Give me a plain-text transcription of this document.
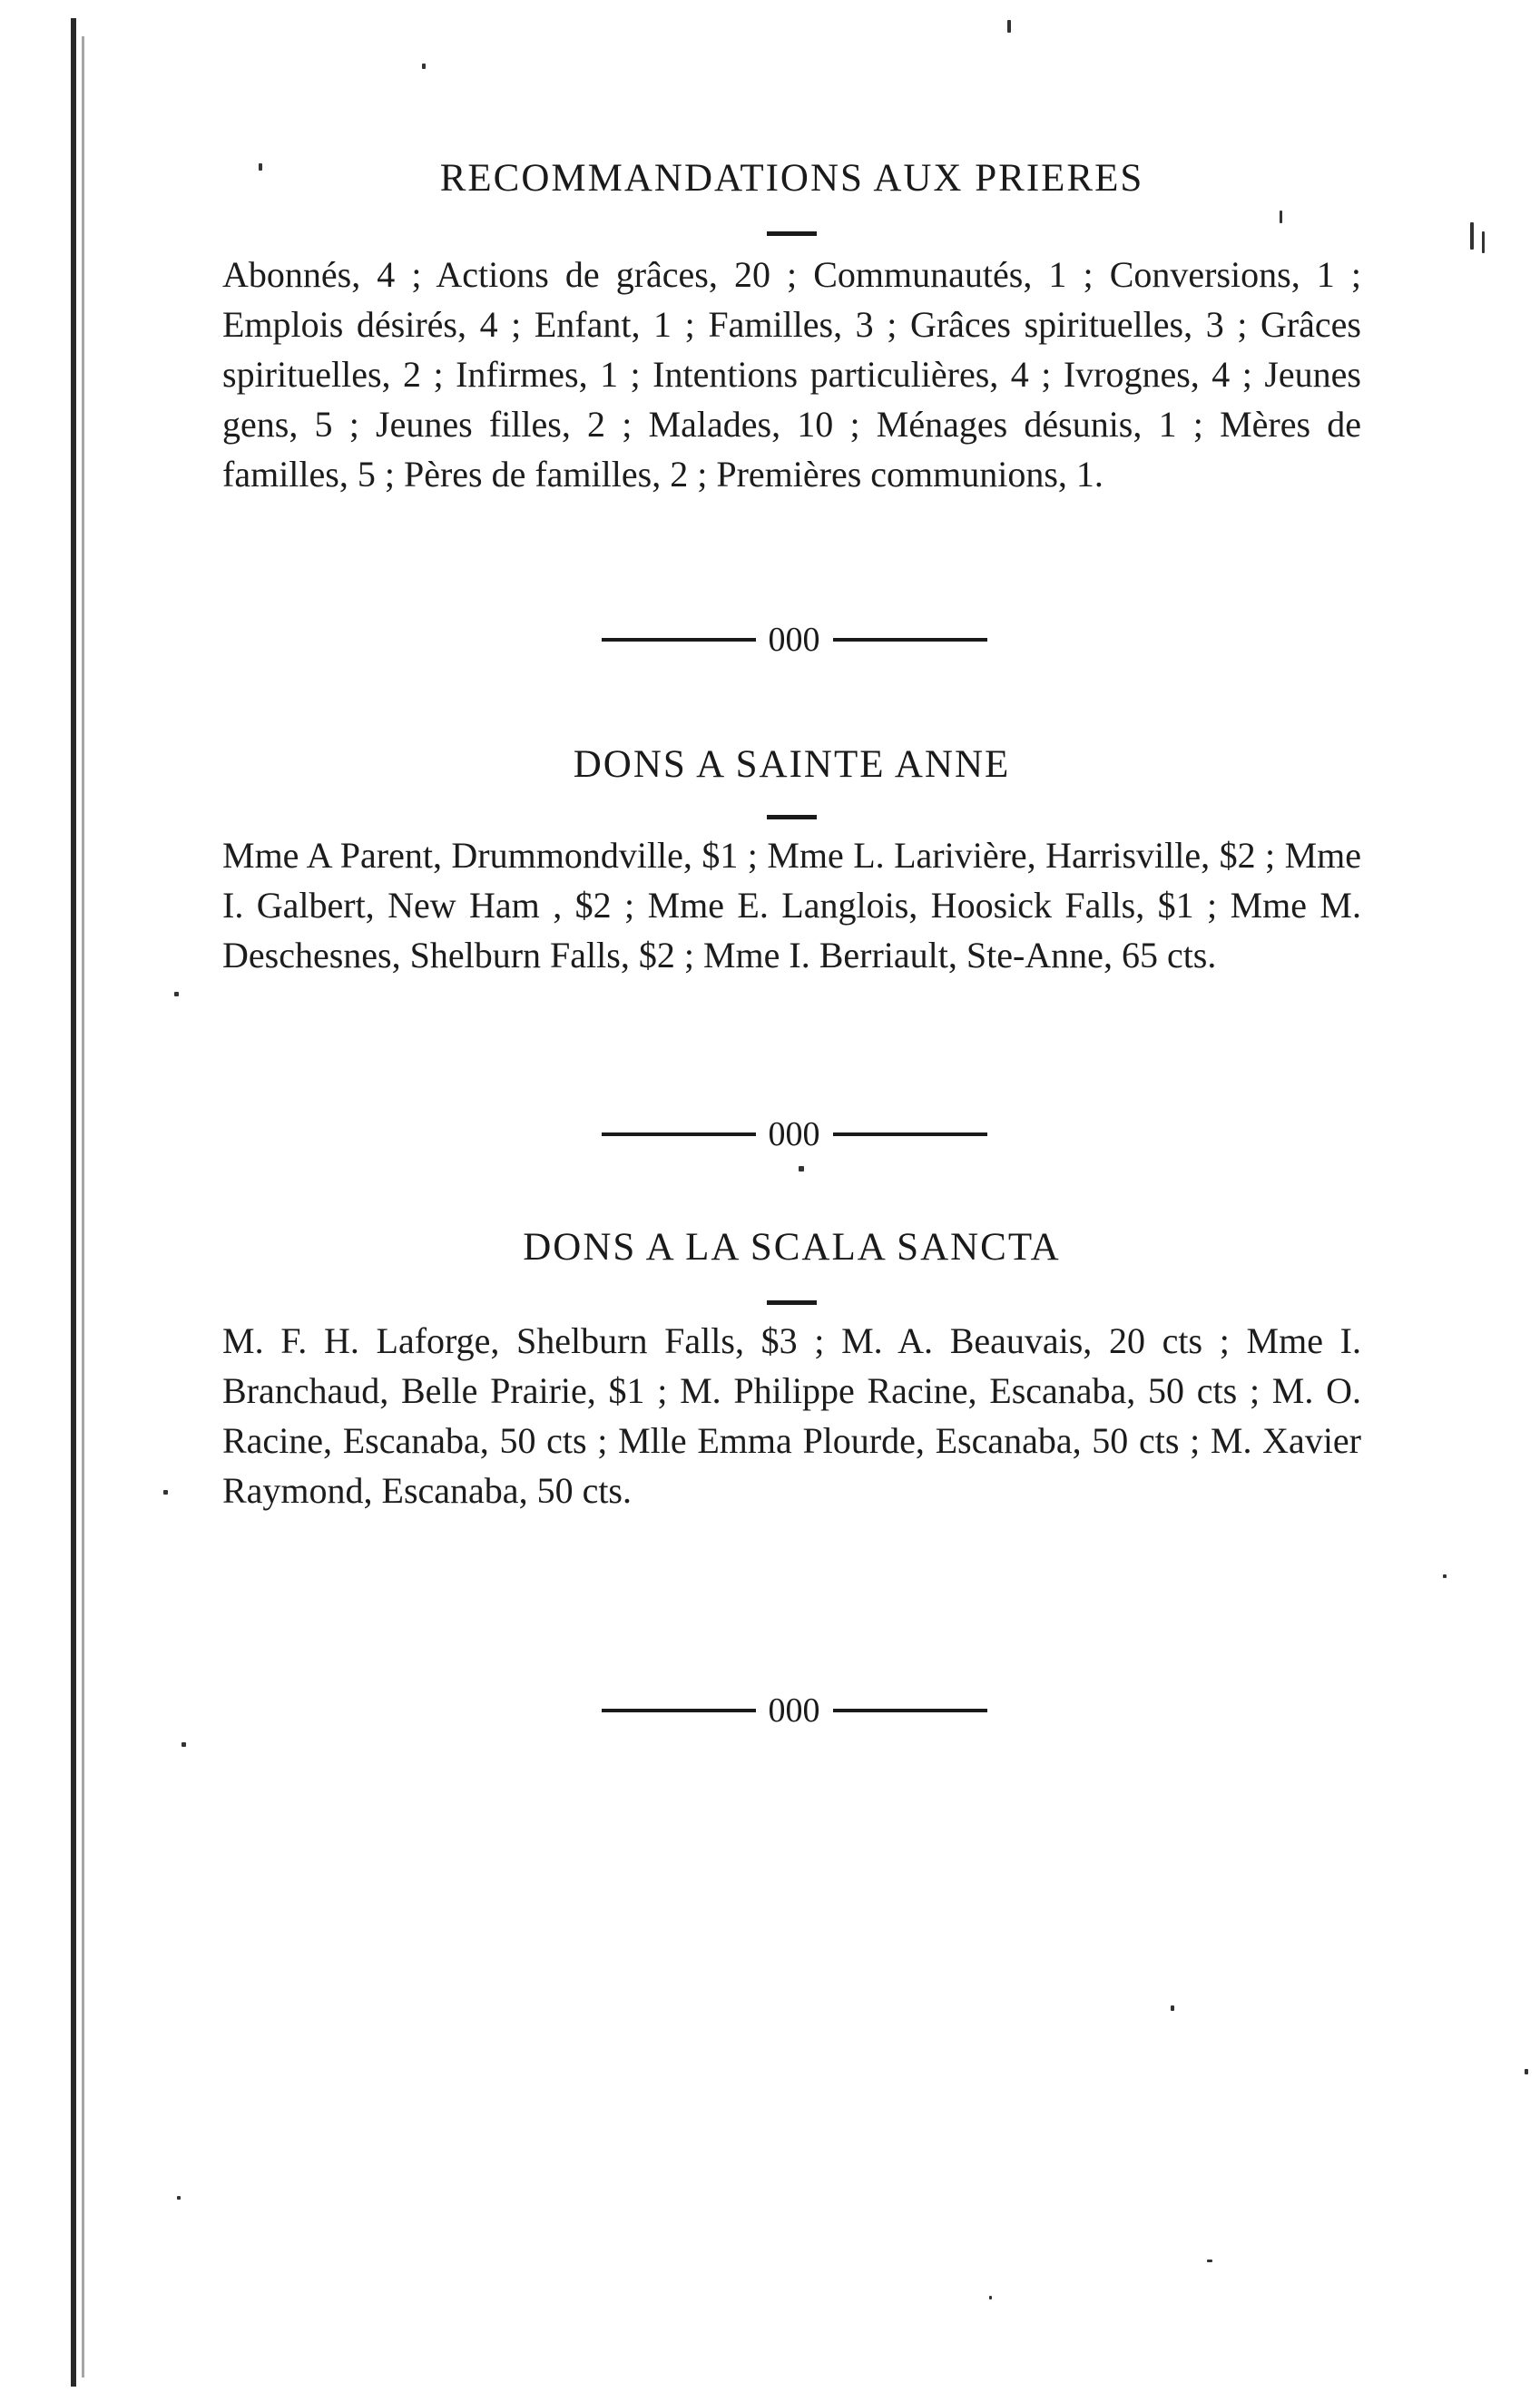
RECOMMANDATIONS AUX PRIERES
Abonnés, 4 ; Actions de grâces, 20 ; Communautés, 1 ; Conversions, 1 ; Emplois désirés, 4 ; Enfant, 1 ; Familles, 3 ; Grâces spirituelles, 3 ; Grâces spirituelles, 2 ; Infirmes, 1 ; Intentions particulières, 4 ; Ivrognes, 4 ; Jeunes gens, 5 ; Jeunes filles, 2 ; Malades, 10 ; Ménages désunis, 1 ; Mères de familles, 5 ; Pères de familles, 2 ; Premières communions, 1.
000
DONS A SAINTE ANNE
Mme A Parent, Drummondville, $1 ; Mme L. Larivière, Harrisville, $2 ; Mme I. Galbert, New Ham , $2 ; Mme E. Langlois, Hoosick Falls, $1 ; Mme M. Deschesnes, Shelburn Falls, $2 ; Mme I. Berriault, Ste-Anne, 65 cts.
000
DONS A LA SCALA SANCTA
M. F. H. Laforge, Shelburn Falls, $3 ; M. A. Beauvais, 20 cts ; Mme I. Branchaud, Belle Prairie, $1 ; M. Philippe Racine, Escanaba, 50 cts ; M. O. Racine, Escanaba, 50 cts ; Mlle Emma Plourde, Escanaba, 50 cts ; M. Xavier Raymond, Escanaba, 50 cts.
000
